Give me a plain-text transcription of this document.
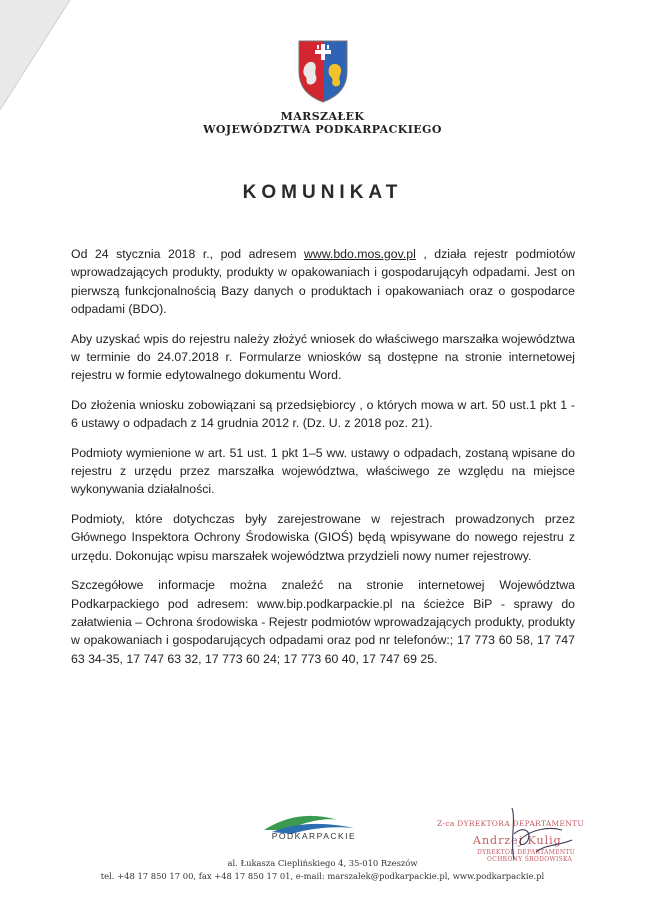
MARSZAŁEK
WOJEWÓDZTWA PODKARPACKIEGO
KOMUNIKAT

Od 24 stycznia 2018 r., pod adresem www.bdo.mos.gov.pl , działa rejestr podmiotów wprowadzających produkty, produkty w opakowaniach i gospodarującyh odpadami. Jest on pierwszą funkcjonalnością Bazy danych o produktach i opakowaniach oraz o gospodarce odpadami (BDO).

Aby uzyskać wpis do rejestru należy złożyć wniosek do właściwego marszałka województwa w terminie do 24.07.2018 r. Formularze wniosków są dostępne na stronie internetowej rejestru w formie edytowalnego dokumentu Word.

Do złożenia wniosku zobowiązani są przedsiębiorcy , o których mowa w art. 50 ust.1 pkt 1 - 6 ustawy o odpadach z 14 grudnia 2012 r. (Dz. U. z 2018 poz. 21).

Podmioty wymienione w art. 51 ust. 1 pkt 1–5 ww. ustawy o odpadach, zostaną wpisane do rejestru z urzędu przez marszałka województwa, właściwego ze względu na miejsce wykonywania działalności.

Podmioty, które dotychczas były zarejestrowane w rejestrach prowadzonych przez Głównego Inspektora Ochrony Środowiska (GIOŚ) będą wpisywane do nowego rejestru z urzędu. Dokonując wpisu marszałek województwa przydzieli nowy numer rejestrowy.

Szczegółowe informacje można znaleźć na stronie internetowej Województwa Podkarpackiego pod adresem: www.bip.podkarpackie.pl na ścieżce BiP - sprawy do załatwienia – Ochrona środowiska - Rejestr podmiotów wprowadzających produkty, produkty w opakowaniach i gospodarujących odpadami oraz pod nr telefonów:; 17 773 60 58, 17 747 63 34-35, 17 747 63 32, 17 773 60 24; 17 773 60 40, 17 747 69 25.

PODKARPACKIE
Z-ca DYREKTORA DEPARTAMENTU
Andrzej Kulig
DYREKTOR DEPARTAMENTU
OCHRONY ŚRODOWISKA
al. Łukasza Cieplińskiego 4, 35-010 Rzeszów
tel. +48 17 850 17 00, fax +48 17 850 17 01, e-mail: marszalek@podkarpackie.pl, www.podkarpackie.pl
